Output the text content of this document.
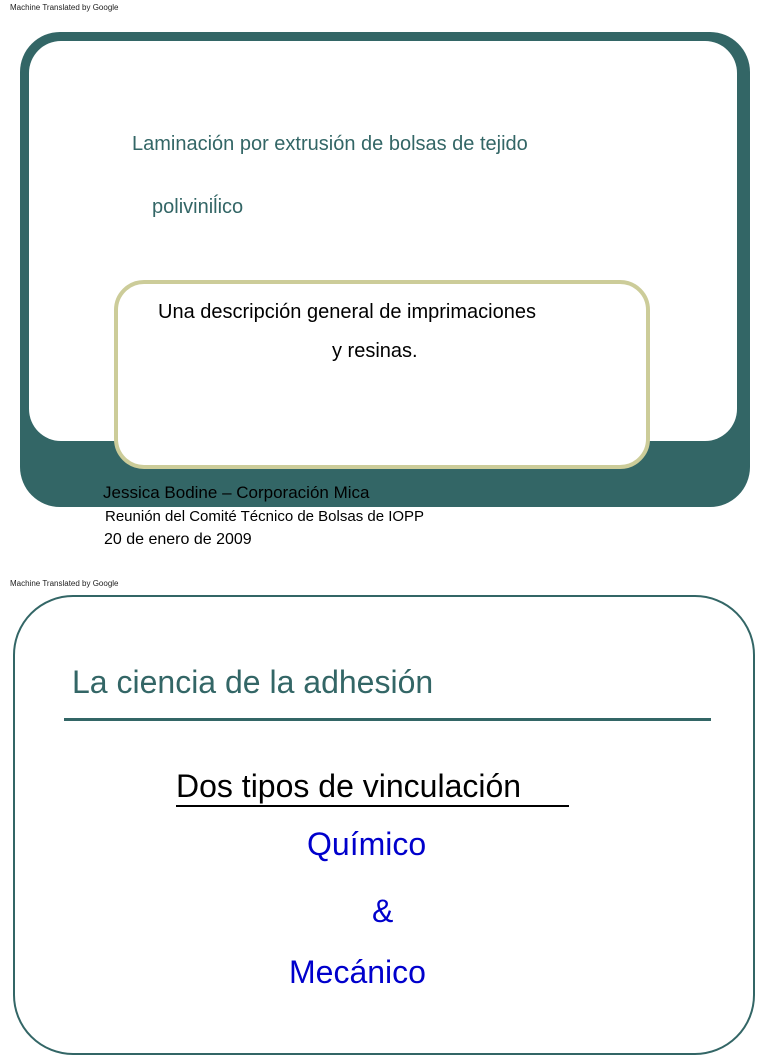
Machine Translated by Google
Laminación por extrusión de bolsas de tejido
poliviniĺico
Una descripción general de imprimaciones
y resinas.
Jessica Bodine – Corporación Mica
Reunión del Comité Técnico de Bolsas de IOPP
20 de enero de 2009
Machine Translated by Google
La ciencia de la adhesión
Dos tipos de vinculación
Químico
&
Mecánico
